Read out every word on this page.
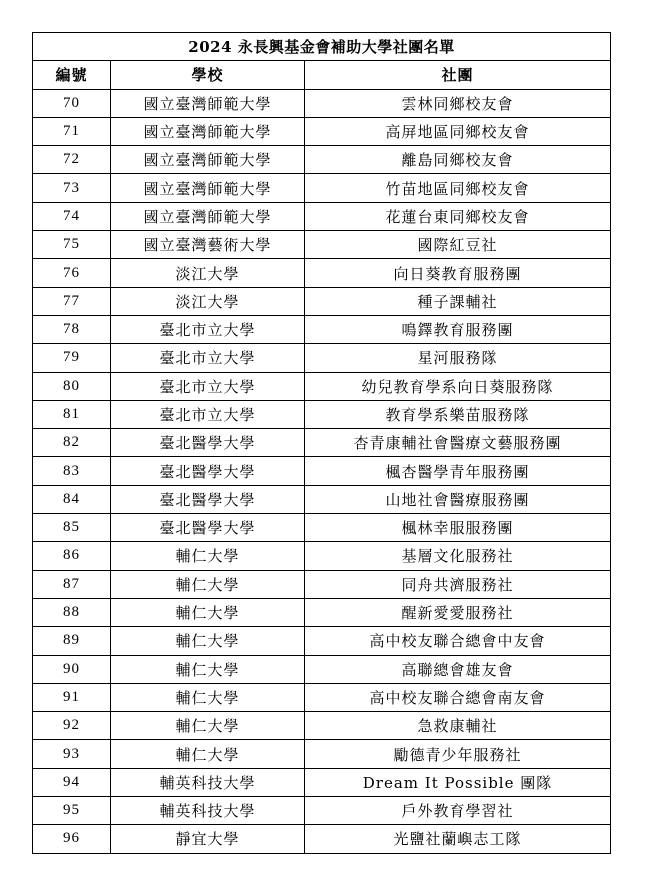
2024 永長興基金會補助大學社團名單		
編號	學校	社團
70	國立臺灣師範大學	雲林同鄉校友會
71	國立臺灣師範大學	高屏地區同鄉校友會
72	國立臺灣師範大學	離島同鄉校友會
73	國立臺灣師範大學	竹苗地區同鄉校友會
74	國立臺灣師範大學	花蓮台東同鄉校友會
75	國立臺灣藝術大學	國際紅豆社
76	淡江大學	向日葵教育服務團
77	淡江大學	種子課輔社
78	臺北市立大學	鳴鐸教育服務團
79	臺北市立大學	星河服務隊
80	臺北市立大學	幼兒教育學系向日葵服務隊
81	臺北市立大學	教育學系樂苗服務隊
82	臺北醫學大學	杏青康輔社會醫療文藝服務團
83	臺北醫學大學	楓杏醫學青年服務團
84	臺北醫學大學	山地社會醫療服務團
85	臺北醫學大學	楓林幸服服務團
86	輔仁大學	基層文化服務社
87	輔仁大學	同舟共濟服務社
88	輔仁大學	醒新愛愛服務社
89	輔仁大學	高中校友聯合總會中友會
90	輔仁大學	高聯總會雄友會
91	輔仁大學	高中校友聯合總會南友會
92	輔仁大學	急救康輔社
93	輔仁大學	勵德青少年服務社
94	輔英科技大學	Dream It Possible 團隊
95	輔英科技大學	戶外教育學習社
96	靜宜大學	光鹽社蘭嶼志工隊
